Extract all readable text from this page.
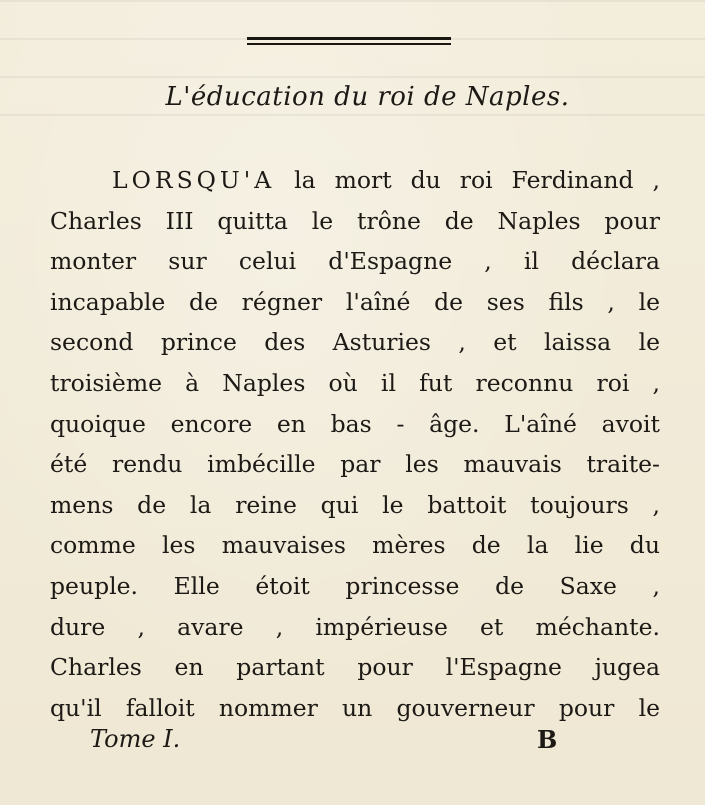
L'éducation du roi de Naples.
LORSQU'A la mort du roi Ferdinand ,
Charles III quitta le trône de Naples pour
monter sur celui d'Espagne , il déclara
incapable de régner l'aîné de ses fils , le
second prince des Asturies , et laissa le
troisième à Naples où il fut reconnu roi ,
quoique encore en bas - âge. L'aîné avoit
été rendu imbécille par les mauvais traite-
mens de la reine qui le battoit toujours ,
comme les mauvaises mères de la lie du
peuple. Elle étoit princesse de Saxe ,
dure , avare , impérieuse et méchante.
Charles en partant pour l'Espagne jugea
qu'il falloit nommer un gouverneur pour le
Tome I.	B
